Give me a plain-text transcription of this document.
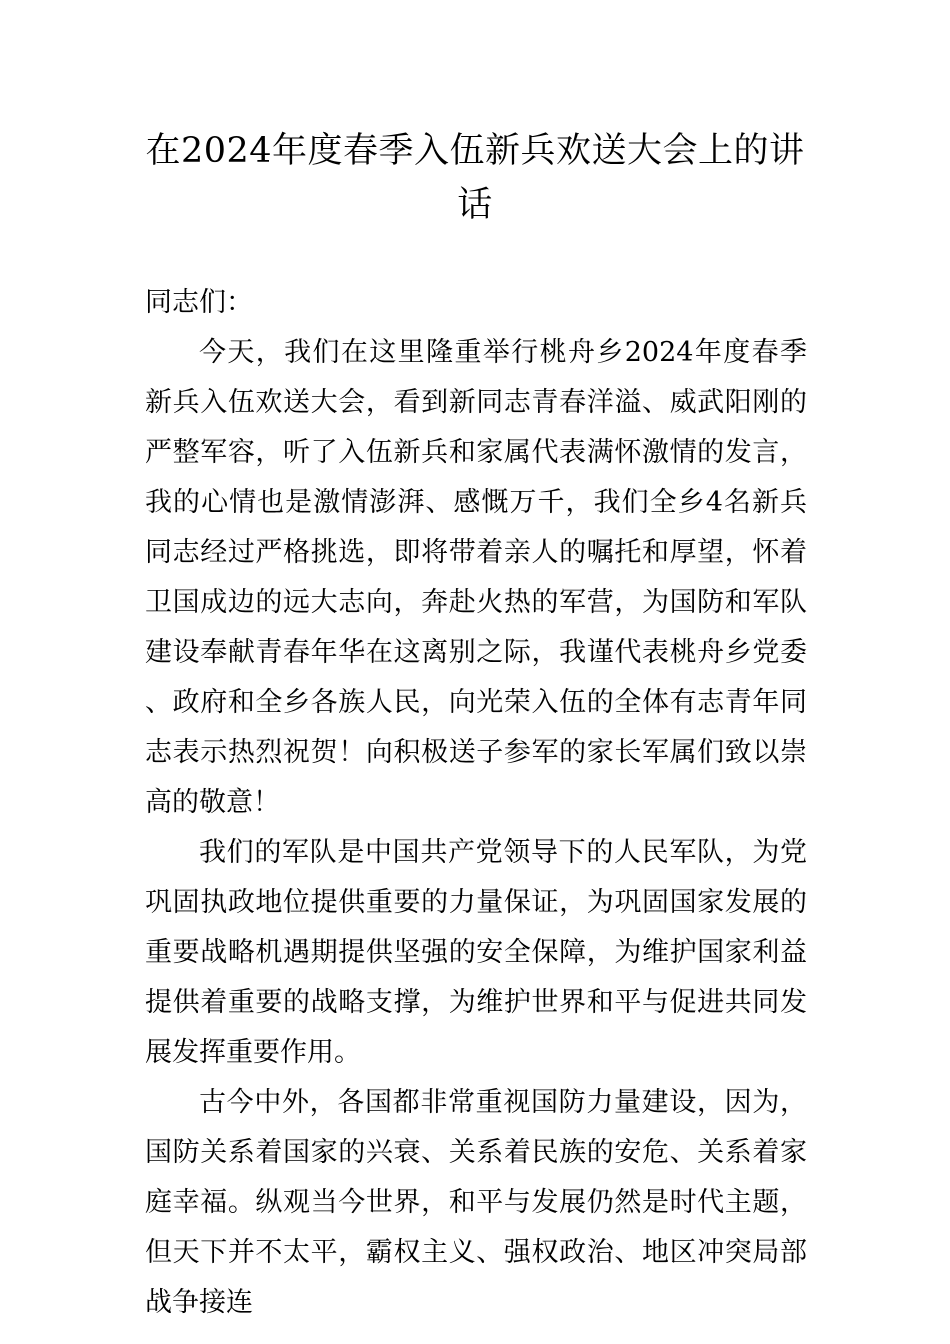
在2024年度春季入伍新兵欢送大会上的讲话

同志们：

今天，我们在这里隆重举行桃舟乡2024年度春季新兵入伍欢送大会，看到新同志青春洋溢、威武阳刚的严整军容，听了入伍新兵和家属代表满怀激情的发言，我的心情也是激情澎湃、感慨万千，我们全乡4名新兵同志经过严格挑选，即将带着亲人的嘱托和厚望，怀着卫国成边的远大志向，奔赴火热的军营，为国防和军队建设奉献青春年华在这离别之际，我谨代表桃舟乡党委、政府和全乡各族人民，向光荣入伍的全体有志青年同志表示热烈祝贺！向积极送子参军的家长军属们致以崇高的敬意！

我们的军队是中国共产党领导下的人民军队，为党巩固执政地位提供重要的力量保证，为巩固国家发展的重要战略机遇期提供坚强的安全保障，为维护国家利益提供着重要的战略支撑，为维护世界和平与促进共同发展发挥重要作用。

古今中外，各国都非常重视国防力量建设，因为，国防关系着国家的兴衰、关系着民族的安危、关系着家庭幸福。纵观当今世界，和平与发展仍然是时代主题，但天下并不太平，霸权主义、强权政治、地区冲突局部战争接连
